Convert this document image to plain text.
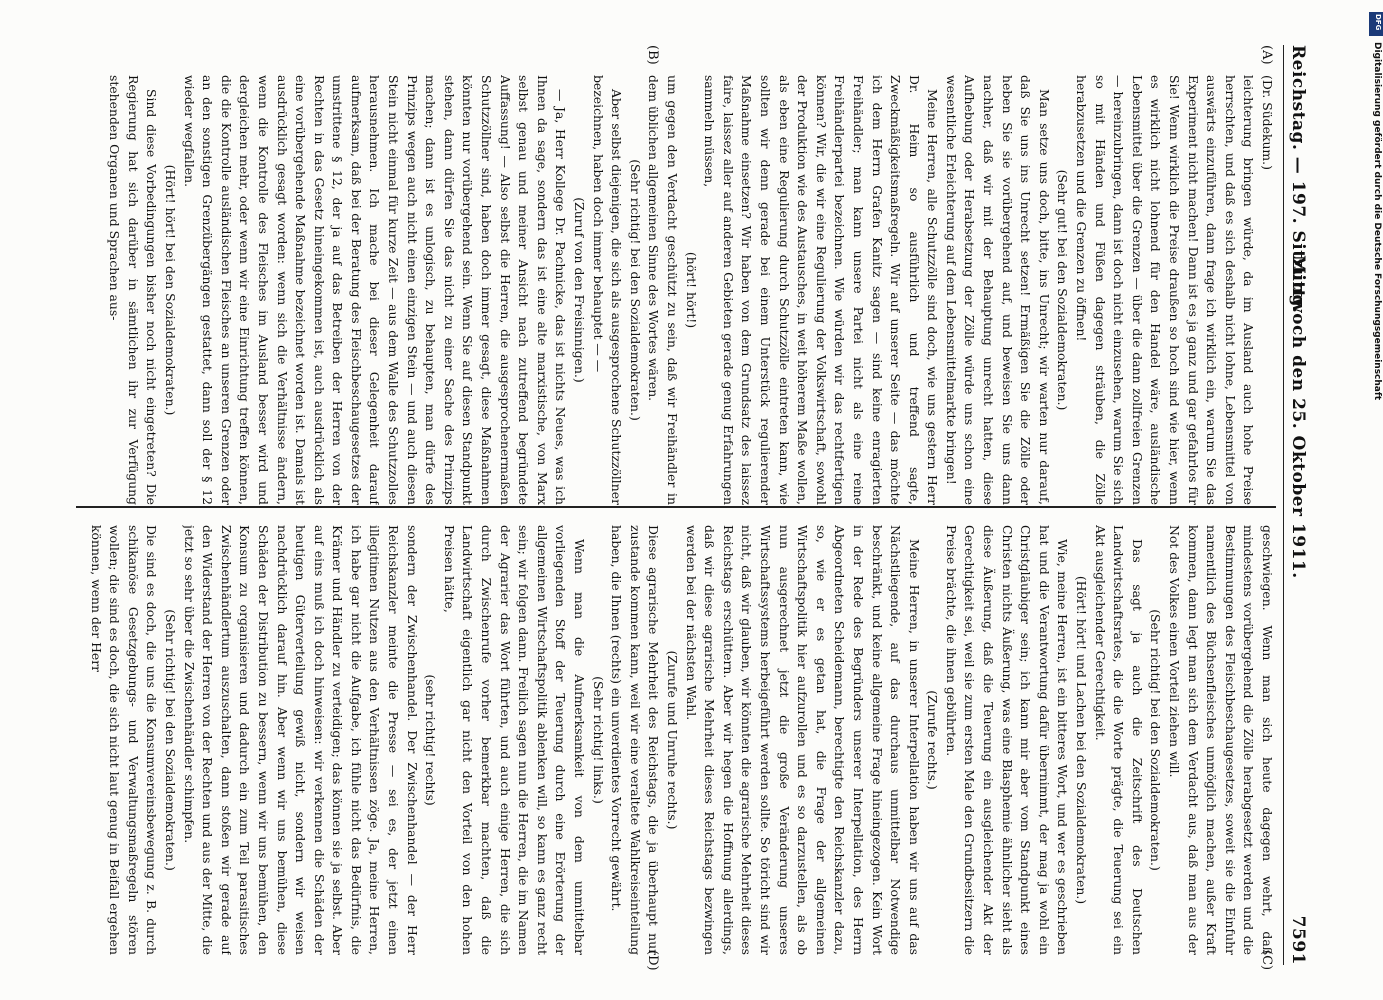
Reichstag. — 197. Sitzung.
Mittwoch den 25. Oktober 1911.
7591
(A)
(B)
(C)
(D)

(Dr. Südekum.)

leichterung bringen würde, da im Ausland auch hohe Preise herrschten, und daß es sich deshalb nicht lohne, Lebensmittel von auswärts einzuführen, dann frage ich wirklich ein, warum Sie das Experiment nicht machen! Dann ist es ja ganz und gar gefahrlos für Sie! Wenn wirklich die Preise draußen so hoch sind wie hier, wenn es wirklich nicht lohnend für den Handel wäre, ausländische Lebensmittel über die Grenzen — über die dann zollfreien Grenzen — hereinzubringen, dann ist doch nicht einzusehen, warum Sie sich so mit Händen und Füßen dagegen sträuben, die Zölle herabzusetzen und die Grenzen zu öffnen!

(Sehr gut! bei den Sozialdemokraten.)

Man setze uns doch, bitte, ins Unrecht; wir warten nur darauf, daß Sie uns ins Unrecht setzen! Ermäßigen Sie die Zölle oder heben Sie sie vorübergehend auf, und beweisen Sie uns dann nachher, daß wir mit der Behauptung unrecht hatten, diese Aufhebung oder Herabsetzung der Zölle würde uns schon eine wesentliche Erleichterung auf dem Lebensmittelmarkte bringen!

Meine Herren, alle Schutzzölle sind doch, wie uns gestern Herr Dr. Heim so ausführlich und treffend sagte, Zweckmäßigkeitsmaßregeln. Wir auf unserer Seite — das möchte ich dem Herrn Grafen Kanitz sagen — sind keine enragierten Freihändler; man kann unsere Partei nicht als eine reine Freihändlerpartei bezeichnen. Wie würden wir das rechtfertigen können? Wir, die wir eine Regulierung der Volkswirtschaft, sowohl der Produktion wie des Austausches, in weit höherem Maße wollen, als eben eine Regulierung durch Schutzzölle eintreten kann, wie sollten wir denn gerade bei einem Unterstück regulierender Maßnahme einsetzen? Wir haben von dem Grundsatz des laissez faire, laissez aller auf anderen Gebieten gerade genug Erfahrungen sammeln müssen,

(hört! hört!)

um gegen den Verdacht geschützt zu sein, daß wir Freihändler in dem üblichen allgemeinen Sinne des Wortes wären.

(Sehr richtig! bei den Sozialdemokraten.)

Aber selbst diejenigen, die sich als ausgesprochene Schutzzöllner bezeichnen, haben doch immer behauptet — —

(Zuruf von den Freisinnigen.)

— Ja, Herr Kollege Dr. Pachnicke, das ist nichts Neues, was ich Ihnen da sage, sondern das ist eine alte marxistische, von Marx selbst genau und meiner Ansicht nach zutreffend begründete Auffassung! — Also selbst die Herren, die ausgesprochenermaßen Schutzzöllner sind, haben doch immer gesagt, diese Maßnahmen könnten nur vorübergehend sein. Wenn Sie auf diesen Standpunkt stehen, dann dürfen Sie das nicht zu einer Sache des Prinzips machen; dann ist es unlogisch, zu behaupten, man dürfe des Prinzips wegen auch nicht einen einzigen Stein — und auch diesen Stein nicht einmal für kurze Zeit — aus dem Walle des Schutzzolles herausnehmen. Ich mache bei dieser Gelegenheit darauf aufmerksam, daß bei der Beratung des Fleischbeschaugesetzes der umstrittene § 12, der ja auf das Betreiben der Herren von der Rechten in das Gesetz hineingekommen ist, auch ausdrücklich als eine vorübergehende Maßnahme bezeichnet worden ist. Damals ist ausdrücklich gesagt worden: wenn sich die Verhältnisse ändern, wenn die Kontrolle des Fleisches im Ausland besser wird und dergleichen mehr, oder wenn wir eine Einrichtung treffen können, die die Kontrolle ausländischen Fleisches an unseren Grenzen oder an den sonstigen Grenzübergängen gestattet, dann soll der § 12 wieder wegfallen.

(Hört! hört! bei den Sozialdemokraten.)

Sind diese Vorbedingungen bisher noch nicht eingetreten? Die Regierung hat sich darüber in sämtlichen ihr zur Verfügung stehenden Organen und Sprachen aus-

geschwiegen. Wenn man sich heute dagegen wehrt, daß mindestens vorübergehend die Zölle herabgesetzt werden und die Bestimmungen des Fleischbeschaugesetzes, soweit sie die Einfuhr namentlich des Büchsenfleisches unmöglich machen, außer Kraft kommen, dann legt man sich dem Verdacht aus, daß man aus der Not des Volkes einen Vorteil ziehen will.

(Sehr richtig! bei den Sozialdemokraten.)

Das sagt ja auch die Zeitschrift des Deutschen Landwirtschaftsrates, die die Worte prägte, die Teuerung sei ein Akt ausgleichender Gerechtigkeit.

(Hört! hört! und Lachen bei den Sozialdemokraten.)

Wie, meine Herren, ist ein bitteres Wort, und wer es geschrieben hat und die Verantwortung dafür übernimmt, der mag ja wohl ein Christgläubiger sein; ich kann mir aber vom Standpunkt eines Christen nichts Äußerung, was eine Blasphemie ähnlicher sieht als diese Äußerung, daß die Teuerung ein ausgleichender Akt der Gerechtigkeit sei, weil sie zum ersten Male den Grundbesitzern die Preise brächte, die ihnen gebührten.

(Zurufe rechts.)

Meine Herren, in unserer Interpellation haben wir uns auf das Nächstliegende, auf das durchaus unmittelbar Notwendige beschränkt, und keine allgemeine Frage hineingezogen. Kein Wort in der Rede des Begründers unserer Interpellation, des Herrn Abgeordneten Scheidemann, berechtigte den Reichskanzler dazu, so, wie er es getan hat, die Frage der allgemeinen Wirtschaftspolitik hier aufzurollen und es so darzustellen, als ob nun ausgerechnet jetzt die große Veränderung unseres Wirtschaftssystems herbeigeführt werden sollte. So töricht sind wir nicht, daß wir glauben, wir könnten die agrarische Mehrheit dieses Reichstags erschüttern. Aber wir hegen die Hoffnung allerdings, daß wir diese agrarische Mehrheit dieses Reichstags bezwingen werden bei der nächsten Wahl.

(Zurufe und Unruhe rechts.)

Diese agrarische Mehrheit des Reichstags, die ja überhaupt nur zustande kommen kann, weil wir eine veraltete Wahlkreiseinteilung haben, die Ihnen (rechts) ein unverdientes Vorrecht gewährt.

(Sehr richtig! links.)

Wenn man die Aufmerksamkeit von dem unmittelbar vorliegenden Stoff der Teuerung durch eine Erörterung der allgemeinen Wirtschaftspolitik ablenken will, so kann es ganz recht sein; wir folgen dann. Freilich sagen nun die Herren, die im Namen der Agrarier das Wort führten, und auch einige Herren, die sich durch Zwischenrufe vorher bemerkbar machten, daß die Landwirtschaft eigentlich gar nicht den Vorteil von den hohen Preisen hätte,

(sehr richtig! rechts)

sondern der Zwischenhandel. Der Zwischenhandel — der Herr Reichskanzler meinte die Presse — sei es, der jetzt einen illegitimen Nutzen aus den Verhältnissen zöge. Ja, meine Herren, ich habe gar nicht die Aufgabe, ich fühle nicht das Bedürfnis, die Krämer und Händler zu verteidigen; das können sie ja selbst. Aber auf eins muß ich doch hinweisen: wir verkennen die Schäden der heutigen Güterverteilung gewiß nicht, sondern wir weisen nachdrücklich darauf hin. Aber wenn wir uns bemühen, diese Schäden der Distribution zu bessern, wenn wir uns bemühen, den Konsum zu organisieren und dadurch ein zum Teil parasitisches Zwischenhändlertum auszuschalten, dann stoßen wir gerade auf den Widerstand der Herren von der Rechten und aus der Mitte, die jetzt so sehr über die Zwischenhändler schimpfen.

(Sehr richtig! bei den Sozialdemokraten.)

Die sind es doch, die uns die Konsumvereinsbewegung z. B. durch schikanöse Gesetzgebungs- und Verwaltungsmaßregeln stören wollen; die sind es doch, die sich nicht laut genug in Beifall ergehen können, wenn der Herr

DFG
Digitalisierung gefördert durch die Deutsche Forschungsgemeinschaft
